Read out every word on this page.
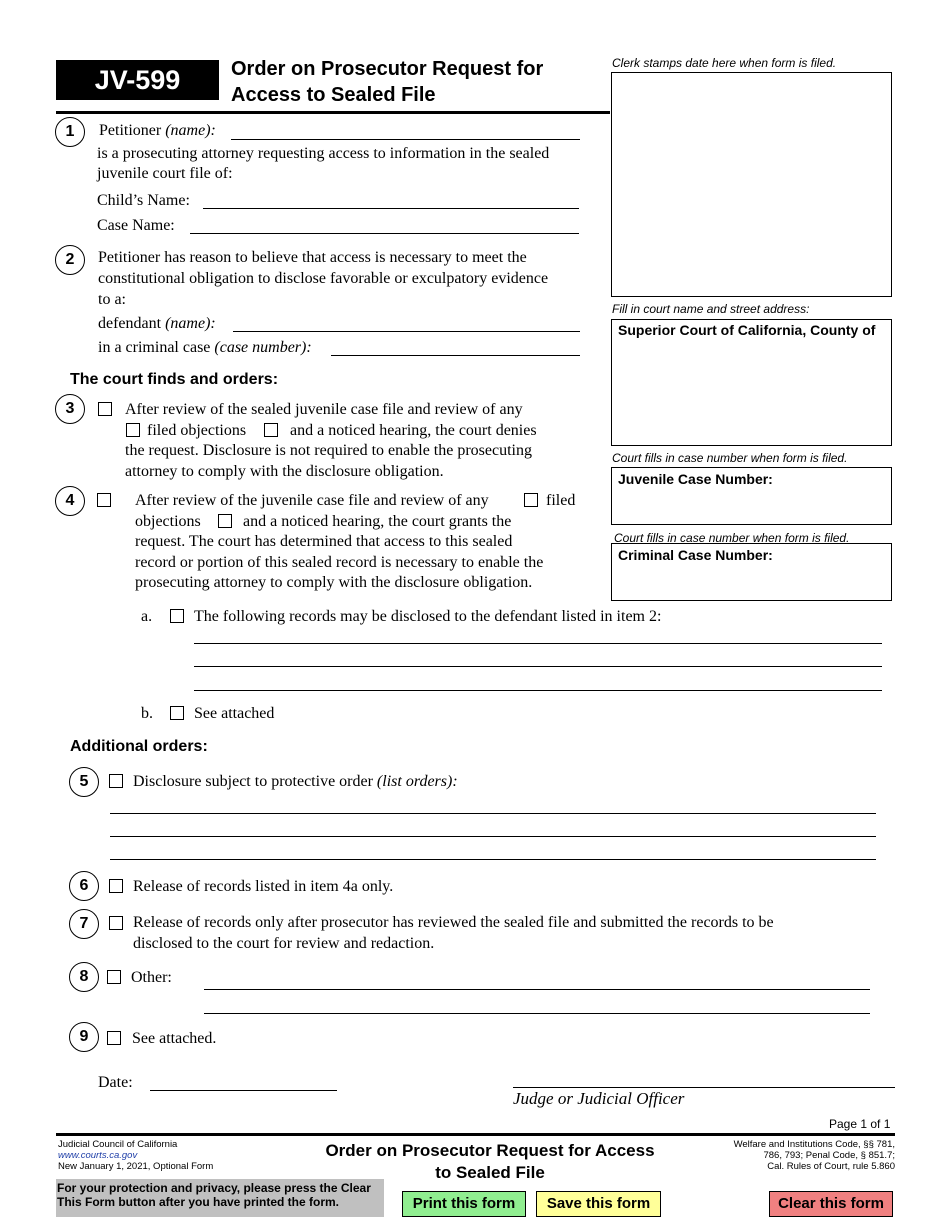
JV-599	Order on Prosecutor Request for
Access to Sealed File
Clerk stamps date here when form is filed.
Fill in court name and street address:
Superior Court of California, County of
Court fills in case number when form is filed.
Juvenile Case Number:
Court fills in case number when form is filed.
Criminal Case Number:
1	Petitioner (name):
is a prosecuting attorney requesting access to information in the sealed
juvenile court file of:
Child’s Name:
Case Name:
2	Petitioner has reason to believe that access is necessary to meet the
constitutional obligation to disclose favorable or exculpatory evidence
to a:
defendant (name):
in a criminal case (case number):
The court finds and orders:
3	After review of the sealed juvenile case file and review of any
filed objections	and a noticed hearing, the court denies
the request. Disclosure is not required to enable the prosecuting
attorney to comply with the disclosure obligation.
4	After review of the juvenile case file and review of any	filed
objections	and a noticed hearing, the court grants the
request. The court has determined that access to this sealed
record or portion of this sealed record is necessary to enable the
prosecuting attorney to comply with the disclosure obligation.
a.	The following records may be disclosed to the defendant listed in item 2:
b.	See attached
Additional orders:
5	Disclosure subject to protective order (list orders):
6	Release of records listed in item 4a only.
7	Release of records only after prosecutor has reviewed the sealed file and submitted the records to be
disclosed to the court for review and redaction.
8	Other:
9	See attached.
Date:
Judge or Judicial Officer
Page 1 of 1
Judicial Council of California
www.courts.ca.gov
New January 1, 2021, Optional Form
Order on Prosecutor Request for Access
to Sealed File
Welfare and Institutions Code, §§ 781,
786, 793; Penal Code, § 851.7;
Cal. Rules of Court, rule 5.860
For your protection and privacy, please press the Clear
This Form button after you have printed the form.	Print this form	Save this form	Clear this form
